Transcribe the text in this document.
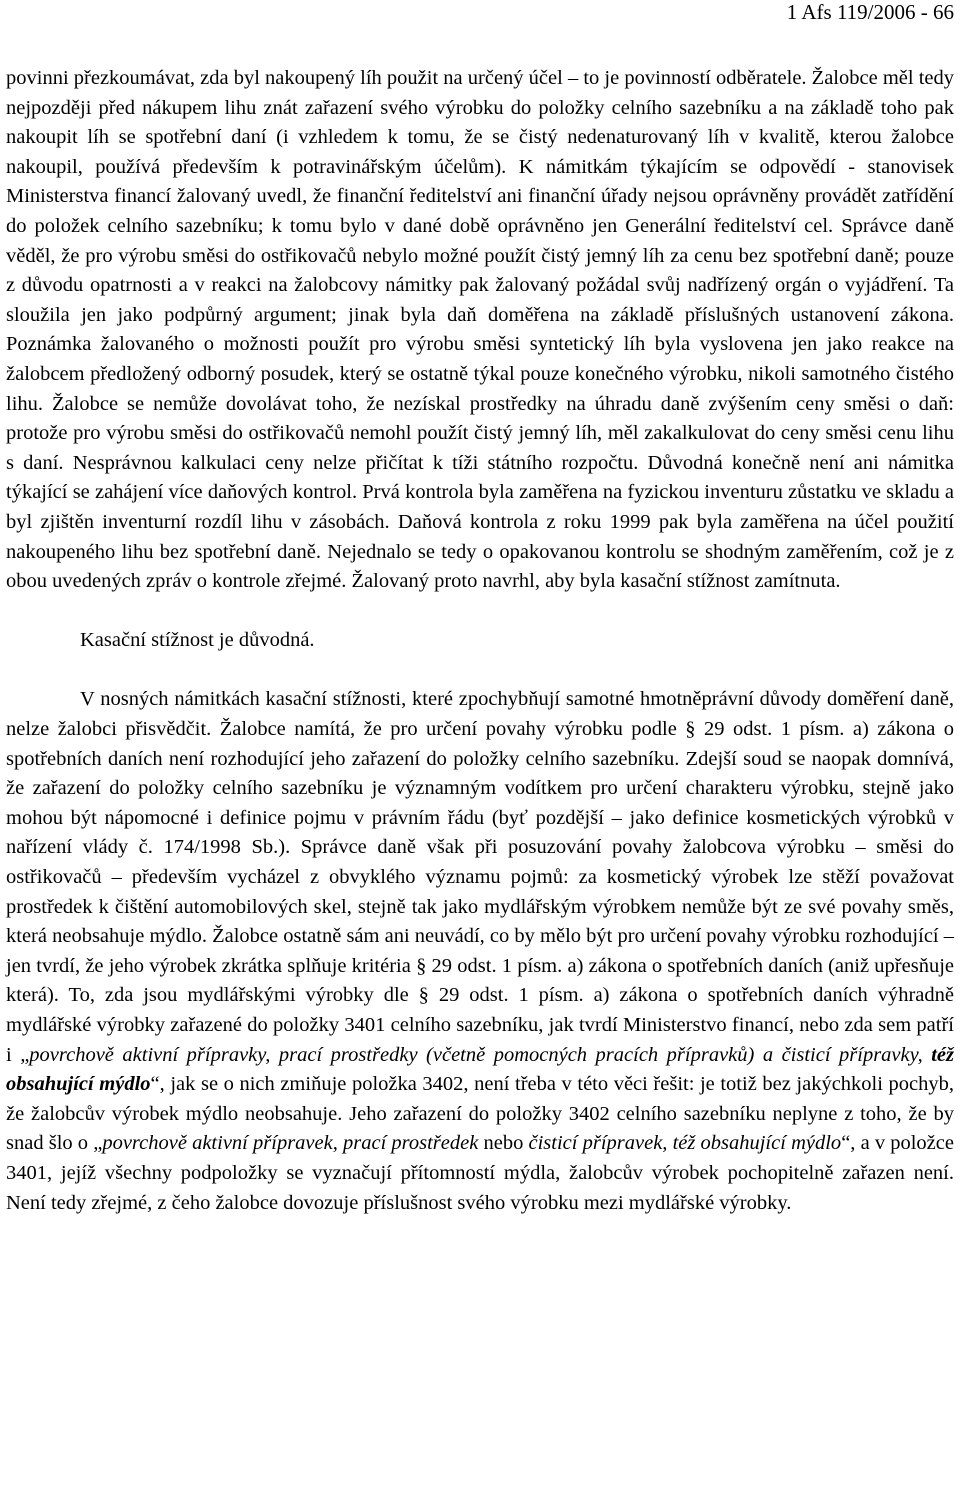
1 Afs 119/2006 - 66

povinni přezkoumávat, zda byl nakoupený líh použit na určený účel – to je povinností odběratele. Žalobce měl tedy nejpozději před nákupem lihu znát zařazení svého výrobku do položky celního sazebníku a na základě toho pak nakoupit líh se spotřební daní (i vzhledem k tomu, že se čistý nedenaturovaný líh v kvalitě, kterou žalobce nakoupil, používá především k potravinářským účelům). K námitkám týkajícím se odpovědí - stanovisek Ministerstva financí žalovaný uvedl, že finanční ředitelství ani finanční úřady nejsou oprávněny provádět zatřídění do položek celního sazebníku; k tomu bylo v dané době oprávněno jen Generální ředitelství cel. Správce daně věděl, že pro výrobu směsi do ostřikovačů nebylo možné použít čistý jemný líh za cenu bez spotřební daně; pouze z důvodu opatrnosti a v reakci na žalobcovy námitky pak žalovaný požádal svůj nadřízený orgán o vyjádření. Ta sloužila jen jako podpůrný argument; jinak byla daň doměřena na základě příslušných ustanovení zákona. Poznámka žalovaného o možnosti použít pro výrobu směsi syntetický líh byla vyslovena jen jako reakce na žalobcem předložený odborný posudek, který se ostatně týkal pouze konečného výrobku, nikoli samotného čistého lihu. Žalobce se nemůže dovolávat toho, že nezískal prostředky na úhradu daně zvýšením ceny směsi o daň: protože pro výrobu směsi do ostřikovačů nemohl použít čistý jemný líh, měl zakalkulovat do ceny směsi cenu lihu s daní. Nesprávnou kalkulaci ceny nelze přičítat k tíži státního rozpočtu. Důvodná konečně není ani námitka týkající se zahájení více daňových kontrol. Prvá kontrola byla zaměřena na fyzickou inventuru zůstatku ve skladu a byl zjištěn inventurní rozdíl lihu v zásobách. Daňová kontrola z roku 1999 pak byla zaměřena na účel použití nakoupeného lihu bez spotřební daně. Nejednalo se tedy o opakovanou kontrolu se shodným zaměřením, což je z obou uvedených zpráv o kontrole zřejmé. Žalovaný proto navrhl, aby byla kasační stížnost zamítnuta.

Kasační stížnost je důvodná.

V nosných námitkách kasační stížnosti, které zpochybňují samotné hmotněprávní důvody doměření daně, nelze žalobci přisvědčit. Žalobce namítá, že pro určení povahy výrobku podle § 29 odst. 1 písm. a) zákona o spotřebních daních není rozhodující jeho zařazení do položky celního sazebníku. Zdejší soud se naopak domnívá, že zařazení do položky celního sazebníku je významným vodítkem pro určení charakteru výrobku, stejně jako mohou být nápomocné i definice pojmu v právním řádu (byť pozdější – jako definice kosmetických výrobků v nařízení vlády č. 174/1998 Sb.). Správce daně však při posuzování povahy žalobcova výrobku – směsi do ostřikovačů – především vycházel z obvyklého významu pojmů: za kosmetický výrobek lze stěží považovat prostředek k čištění automobilových skel, stejně tak jako mydlářským výrobkem nemůže být ze své povahy směs, která neobsahuje mýdlo. Žalobce ostatně sám ani neuvádí, co by mělo být pro určení povahy výrobku rozhodující – jen tvrdí, že jeho výrobek zkrátka splňuje kritéria § 29 odst. 1 písm. a) zákona o spotřebních daních (aniž upřesňuje která). To, zda jsou mydlářskými výrobky dle § 29 odst. 1 písm. a) zákona o spotřebních daních výhradně mydlářské výrobky zařazené do položky 3401 celního sazebníku, jak tvrdí Ministerstvo financí, nebo zda sem patří i „povrchově aktivní přípravky, prací prostředky (včetně pomocných pracích přípravků) a čisticí přípravky, též obsahující mýdlo“, jak se o nich zmiňuje položka 3402, není třeba v této věci řešit: je totiž bez jakýchkoli pochyb, že žalobcův výrobek mýdlo neobsahuje. Jeho zařazení do položky 3402 celního sazebníku neplyne z toho, že by snad šlo o „povrchově aktivní přípravek, prací prostředek nebo čisticí přípravek, též obsahující mýdlo“, a v položce 3401, jejíž všechny podpoložky se vyznačují přítomností mýdla, žalobcův výrobek pochopitelně zařazen není. Není tedy zřejmé, z čeho žalobce dovozuje příslušnost svého výrobku mezi mydlářské výrobky.
